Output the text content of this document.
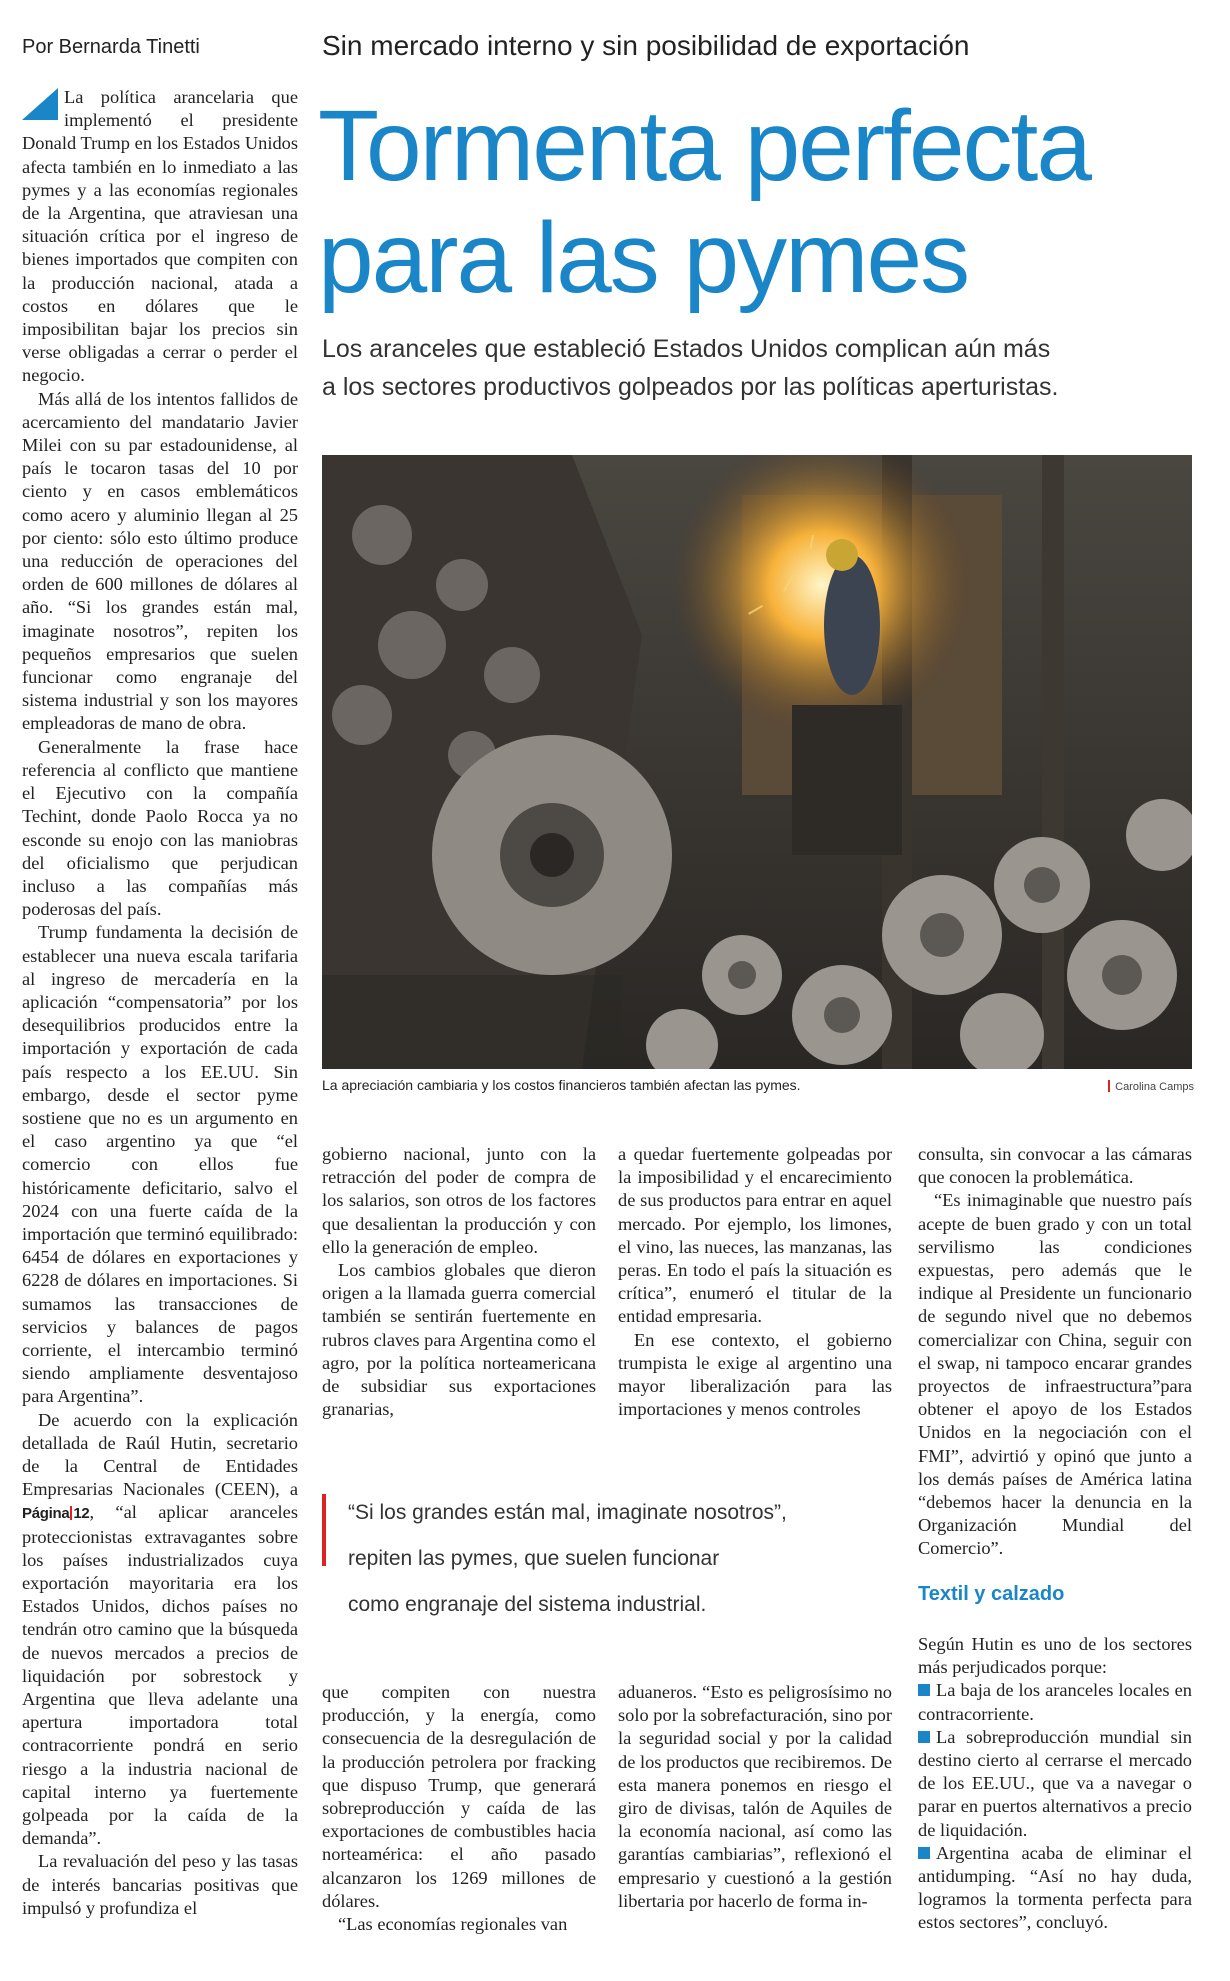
Por Bernarda Tinetti	Sin mercado interno y sin posibilidad de exportación
Tormenta perfecta
para las pymes
Los aranceles que estableció Estados Unidos complican aún más
a los sectores productivos golpeados por las políticas aperturistas.

La política arancelaria que implementó el presidente Donald Trump en los Estados Unidos afecta también en lo inmediato a las pymes y a las economías regionales de la Argentina, que atraviesan una situación crítica por el ingreso de bienes importados que compiten con la producción nacional, atada a costos en dólares que le imposibilitan bajar los precios sin verse obligadas a cerrar o perder el negocio.

Más allá de los intentos fallidos de acercamiento del mandatario Javier Milei con su par estadounidense, al país le tocaron tasas del 10 por ciento y en casos emblemáticos como acero y aluminio llegan al 25 por ciento: sólo esto último produce una reducción de operaciones del orden de 600 millones de dólares al año. “Si los grandes están mal, imaginate nosotros”, repiten los pequeños empresarios que suelen funcionar como engranaje del sistema industrial y son los mayores empleadoras de mano de obra.

Generalmente la frase hace referencia al conflicto que mantiene el Ejecutivo con la compañía Techint, donde Paolo Rocca ya no esconde su enojo con las maniobras del oficialismo que perjudican incluso a las compañías más poderosas del país.

Trump fundamenta la decisión de establecer una nueva escala tarifaria al ingreso de mercadería en la aplicación “compensatoria” por los desequilibrios producidos entre la importación y exportación de cada país respecto a los EE.UU. Sin embargo, desde el sector pyme sostiene que no es un argumento en el caso argentino ya que “el comercio con ellos fue históricamente deficitario, salvo el 2024 con una fuerte caída de la importación que terminó equilibrado: 6454 de dólares en exportaciones y 6228 de dólares en importaciones. Si sumamos las transacciones de servicios y balances de pagos corriente, el intercambio terminó siendo ampliamente desventajoso para Argentina”.

De acuerdo con la explicación detallada de Raúl Hutin, secretario de la Central de Entidades Empresarias Nacionales (CEEN), a Página 12, “al aplicar aranceles proteccionistas extravagantes sobre los países industrializados cuya exportación mayoritaria era los Estados Unidos, dichos países no tendrán otro camino que la búsqueda de nuevos mercados a precios de liquidación por sobrestock y Argentina que lleva adelante una apertura importadora total contracorriente pondrá en serio riesgo a la industria nacional de capital interno ya fuertemente golpeada por la caída de la demanda”.

La revaluación del peso y las tasas de interés bancarias positivas que impulsó y profundiza el

La apreciación cambiaria y los costos financieros también afectan las pymes.	Carolina Camps

gobierno nacional, junto con la retracción del poder de compra de los salarios, son otros de los factores que desalientan la producción y con ello la generación de empleo.

Los cambios globales que dieron origen a la llamada guerra comercial también se sentirán fuertemente en rubros claves para Argentina como el agro, por la política norteamericana de subsidiar sus exportaciones granarias,

a quedar fuertemente golpeadas por la imposibilidad y el encarecimiento de sus productos para entrar en aquel mercado. Por ejemplo, los limones, el vino, las nueces, las manzanas, las peras. En todo el país la situación es crítica”, enumeró el titular de la entidad empresaria.

En ese contexto, el gobierno trumpista le exige al argentino una mayor liberalización para las importaciones y menos controles

“Si los grandes están mal, imaginate nosotros”,
repiten las pymes, que suelen funcionar
como engranaje del sistema industrial.

que compiten con nuestra producción, y la energía, como consecuencia de la desregulación de la producción petrolera por fracking que dispuso Trump, que generará sobreproducción y caída de las exportaciones de combustibles hacia norteamérica: el año pasado alcanzaron los 1269 millones de dólares.

“Las economías regionales van

aduaneros. “Esto es peligrosísimo no solo por la sobrefacturación, sino por la seguridad social y por la calidad de los productos que recibiremos. De esta manera ponemos en riesgo el giro de divisas, talón de Aquiles de la economía nacional, así como las garantías cambiarias”, reflexionó el empresario y cuestionó a la gestión libertaria por hacerlo de forma in-

consulta, sin convocar a las cámaras que conocen la problemática.

“Es inimaginable que nuestro país acepte de buen grado y con un total servilismo las condiciones expuestas, pero además que le indique al Presidente un funcionario de segundo nivel que no debemos comercializar con China, seguir con el swap, ni tampoco encarar grandes proyectos de infraestructura”para obtener el apoyo de los Estados Unidos en la negociación con el FMI”, advirtió y opinó que junto a los demás países de América latina “debemos hacer la denuncia en la Organización Mundial del Comercio”.

Textil y calzado

Según Hutin es uno de los sectores más perjudicados porque:

La baja de los aranceles locales en contracorriente.

La sobreproducción mundial sin destino cierto al cerrarse el mercado de los EE.UU., que va a navegar o parar en puertos alternativos a precio de liquidación.

Argentina acaba de eliminar el antidumping. “Así no hay duda, logramos la tormenta perfecta para estos sectores”, concluyó.
